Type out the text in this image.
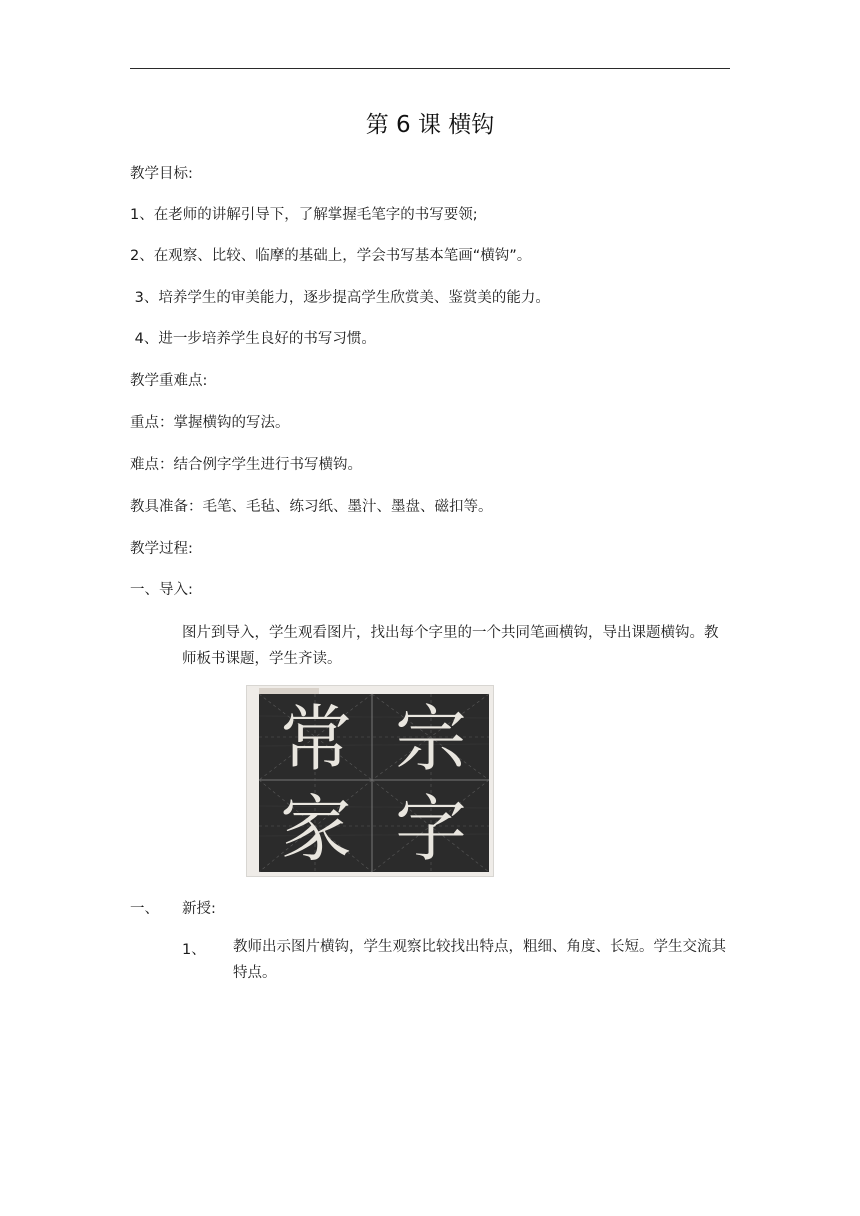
第 6 课 横钩
教学目标:
1、在老师的讲解引导下，了解掌握毛笔字的书写要领;
2、在观察、比较、临摩的基础上，学会书写基本笔画“横钩”。
3、培养学生的审美能力，逐步提高学生欣赏美、鉴赏美的能力。
4、进一步培养学生良好的书写习惯。
教学重难点:
重点：掌握横钩的写法。
难点：结合例字学生进行书写横钩。
教具准备：毛笔、毛毡、练习纸、墨汁、墨盘、磁扣等。
教学过程:
一、导入:
图片到导入，学生观看图片，找出每个字里的一个共同笔画横钩，导出课题横钩。教师板书课题，学生齐读。
常 宗
家 字
一、 新授:
1、 教师出示图片横钩，学生观察比较找出特点，粗细、角度、长短。学生交流其特点。
